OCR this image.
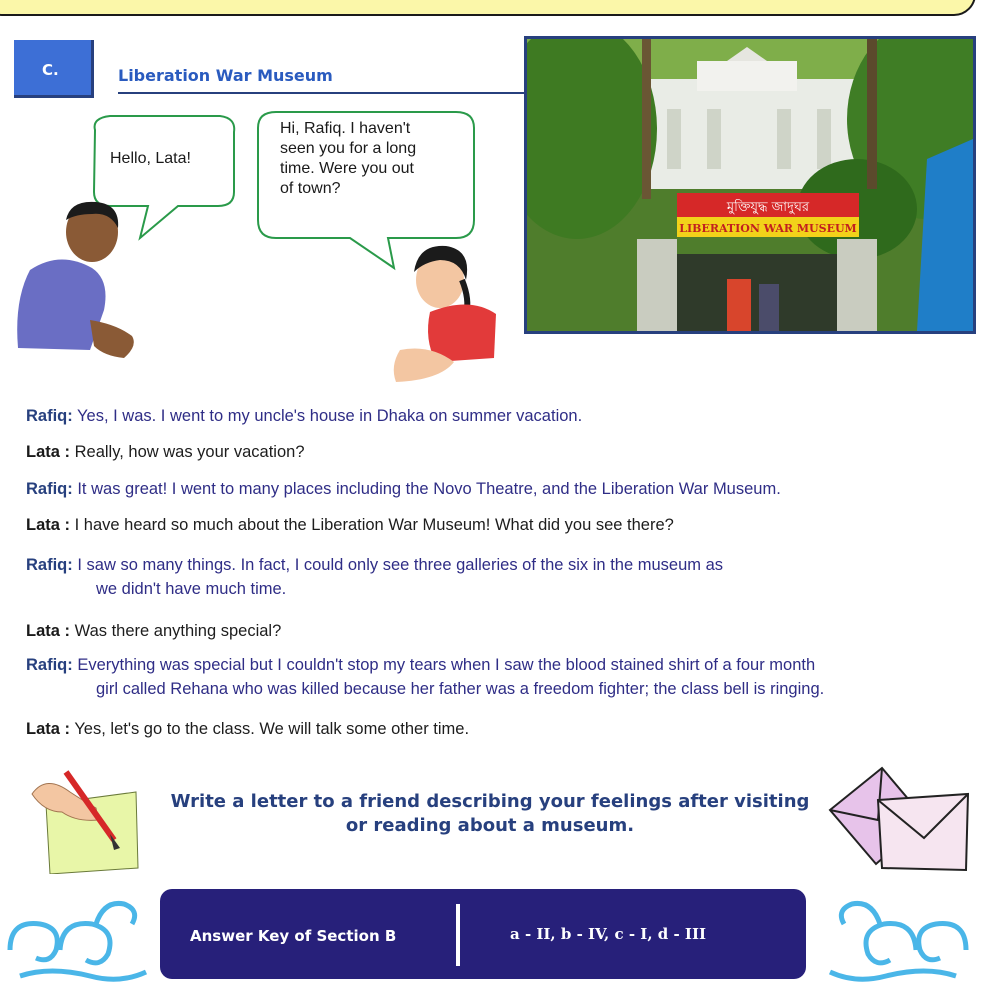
C.	Liberation War Museum
মুক্তিযুদ্ধ জাদুঘর
LIBERATION WAR MUSEUM
Hello, Lata!
Hi, Rafiq. I haven't
seen you for a long
time. Were you out
of town?
Rafiq: Yes, I was. I went to my uncle's house in Dhaka on summer vacation.
Lata : Really, how was your vacation?
Rafiq: It was great! I went to many places including the Novo Theatre, and the Liberation War Museum.
Lata : I have heard so much about the Liberation War Museum! What did you see there?
Rafiq: I saw so many things. In fact, I could only see three galleries of the six in the museum as
we didn't have much time.
Lata : Was there anything special?
Rafiq: Everything was special but I couldn't stop my tears when I saw the blood stained shirt of a four month
girl called Rehana who was killed because her father was a freedom fighter; the class bell is ringing.
Lata : Yes, let's go to the class. We will talk some other time.
Write a letter to a friend describing your feelings after visiting
or reading about a museum.
Answer Key of Section B	a - II, b - IV, c - I, d - III
